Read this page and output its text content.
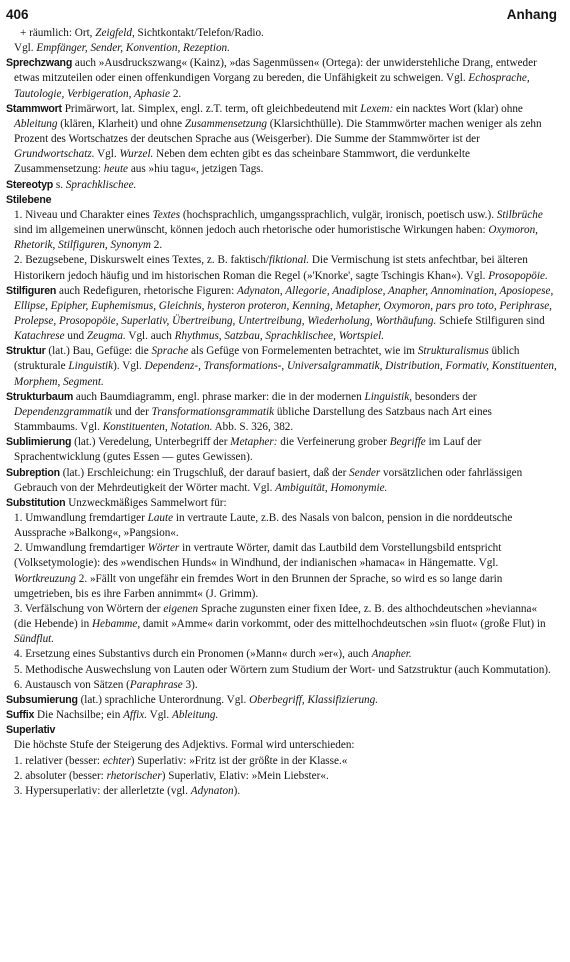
406	Anhang

+ räumlich: Ort, Zeigfeld, Sichtkontakt/Telefon/Radio.

Vgl. Empfänger, Sender, Konvention, Rezeption.

Sprechzwang auch »Ausdruckszwang« (Kainz), »das Sagenmüssen« (Ortega): der unwiderstehliche Drang, entweder etwas mitzuteilen oder einen offenkundigen Vorgang zu bereden, die Unfähigkeit zu schweigen. Vgl. Echosprache, Tautologie, Verbigeration, Aphasie 2.

Stammwort Primärwort, lat. Simplex, engl. z.T. term, oft gleichbedeutend mit Lexem: ein nacktes Wort (klar) ohne Ableitung (klären, Klarheit) und ohne Zusammensetzung (Klarsichthülle). Die Stammwörter machen weniger als zehn Prozent des Wortschatzes der deutschen Sprache aus (Weisgerber). Die Summe der Stammwörter ist der Grundwortschatz. Vgl. Wurzel. Neben dem echten gibt es das scheinbare Stammwort, die verdunkelte Zusammensetzung: heute aus »hiu tagu«, jetzigen Tags.

Stereotyp s. Sprachklischee.

Stilebene

1. Niveau und Charakter eines Textes (hochsprachlich, umgangssprachlich, vulgär, ironisch, poetisch usw.). Stilbrüche sind im allgemeinen unerwünscht, können jedoch auch rhetorische oder humoristische Wirkungen haben: Oxymoron, Rhetorik, Stilfiguren, Synonym 2.

2. Bezugsebene, Diskurswelt eines Textes, z. B. faktisch/fiktional. Die Vermischung ist stets anfechtbar, bei älteren Historikern jedoch häufig und im historischen Roman die Regel (»'Knorke', sagte Tschingis Khan«). Vgl. Prosopopöie.

Stilfiguren auch Redefiguren, rhetorische Figuren: Adynaton, Allegorie, Anadiplose, Anapher, Annomination, Aposiopese, Ellipse, Epipher, Euphemismus, Gleichnis, hysteron proteron, Kenning, Metapher, Oxymoron, pars pro toto, Periphrase, Prolepse, Prosopopöie, Superlativ, Übertreibung, Untertreibung, Wiederholung, Worthäufung. Schiefe Stilfiguren sind Katachrese und Zeugma. Vgl. auch Rhythmus, Satzbau, Sprachklischee, Wortspiel.

Struktur (lat.) Bau, Gefüge: die Sprache als Gefüge von Formelementen betrachtet, wie im Strukturalismus üblich (strukturale Linguistik). Vgl. Dependenz-, Transformations-, Universalgrammatik, Distribution, Formativ, Konstituenten, Morphem, Segment.

Strukturbaum auch Baumdiagramm, engl. phrase marker: die in der modernen Linguistik, besonders der Dependenzgrammatik und der Transformationsgrammatik übliche Darstellung des Satzbaus nach Art eines Stammbaums. Vgl. Konstituenten, Notation. Abb. S. 326, 382.

Sublimierung (lat.) Veredelung, Unterbegriff der Metapher: die Verfeinerung grober Begriffe im Lauf der Sprachentwicklung (gutes Essen — gutes Gewissen).

Subreption (lat.) Erschleichung: ein Trugschluß, der darauf basiert, daß der Sender vorsätzlichen oder fahrlässigen Gebrauch von der Mehrdeutigkeit der Wörter macht. Vgl. Ambiguität, Homonymie.

Substitution Unzweckmäßiges Sammelwort für:

1. Umwandlung fremdartiger Laute in vertraute Laute, z.B. des Nasals von balcon, pension in die norddeutsche Aussprache »Balkong«, »Pangsion«.

2. Umwandlung fremdartiger Wörter in vertraute Wörter, damit das Lautbild dem Vorstellungsbild entspricht (Volksetymologie): des »wendischen Hunds« in Windhund, der indianischen »hamaca« in Hängematte. Vgl. Wortkreuzung 2. »Fällt von ungefähr ein fremdes Wort in den Brunnen der Sprache, so wird es so lange darin umgetrieben, bis es ihre Farben annimmt« (J. Grimm).

3. Verfälschung von Wörtern der eigenen Sprache zugunsten einer fixen Idee, z. B. des althochdeutschen »hevianna« (die Hebende) in Hebamme, damit »Amme« darin vorkommt, oder des mittelhochdeutschen »sin fluot« (große Flut) in Sündflut.

4. Ersetzung eines Substantivs durch ein Pronomen (»Mann« durch »er«), auch Anapher.

5. Methodische Auswechslung von Lauten oder Wörtern zum Studium der Wort- und Satzstruktur (auch Kommutation).

6. Austausch von Sätzen (Paraphrase 3).

Subsumierung (lat.) sprachliche Unterordnung. Vgl. Oberbegriff, Klassifizierung.

Suffix Die Nachsilbe; ein Affix. Vgl. Ableitung.

Superlativ

Die höchste Stufe der Steigerung des Adjektivs. Formal wird unterschieden:

1. relativer (besser: echter) Superlativ: »Fritz ist der größte in der Klasse.«

2. absoluter (besser: rhetorischer) Superlativ, Elativ: »Mein Liebster«.

3. Hypersuperlativ: der allerletzte (vgl. Adynaton).
